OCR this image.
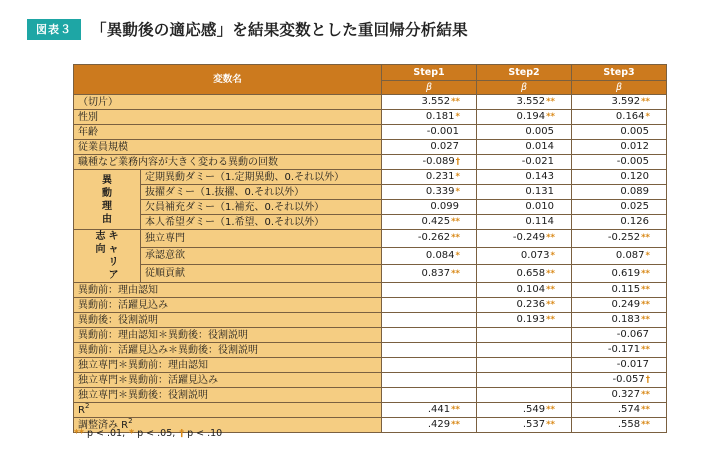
図表３	「異動後の適応感」を結果変数とした重回帰分析結果
変数名		Step1	Step2	Step3
		β	β	β
（切片）		3.552**	3.552**	3.592**
性別		0.181*	0.194**	0.164*
年齢		-0.001	0.005	0.005
従業員規模		0.027	0.014	0.012
職種など業務内容が大きく変わる異動の回数		-0.089†	-0.021	-0.005
異動理由	定期異動ダミー（1.定期異動、0.それ以外）	0.231*	0.143	0.120
	抜擢ダミー（1.抜擢、0.それ以外）	0.339*	0.131	0.089
	欠員補充ダミー（1.補充、0.それ以外）	0.099	0.010	0.025
	本人希望ダミー（1.希望、0.それ以外）	0.425**	0.114	0.126

志向
キャリア	独立専門	-0.262**	-0.249**	-0.252**
	承認意欲	0.084*	0.073*	0.087*
	従順貢献	0.837**	0.658**	0.619**
異動前：理由認知			0.104**	0.115**
異動前：活躍見込み			0.236**	0.249**
異動後：役割説明			0.193**	0.183**
異動前：理由認知＊異動後：役割説明				-0.067
異動前：活躍見込み＊異動後：役割説明				-0.171**
独立専門＊異動前：理由認知				-0.017
独立専門＊異動前：活躍見込み				-0.057†
独立専門＊異動後：役割説明				0.327**
$R^2$		.441**	.549**	.574**
調整済み $R^2$		.429**	.537**	.558**
** p < .01, * p < .05, † p < .10
